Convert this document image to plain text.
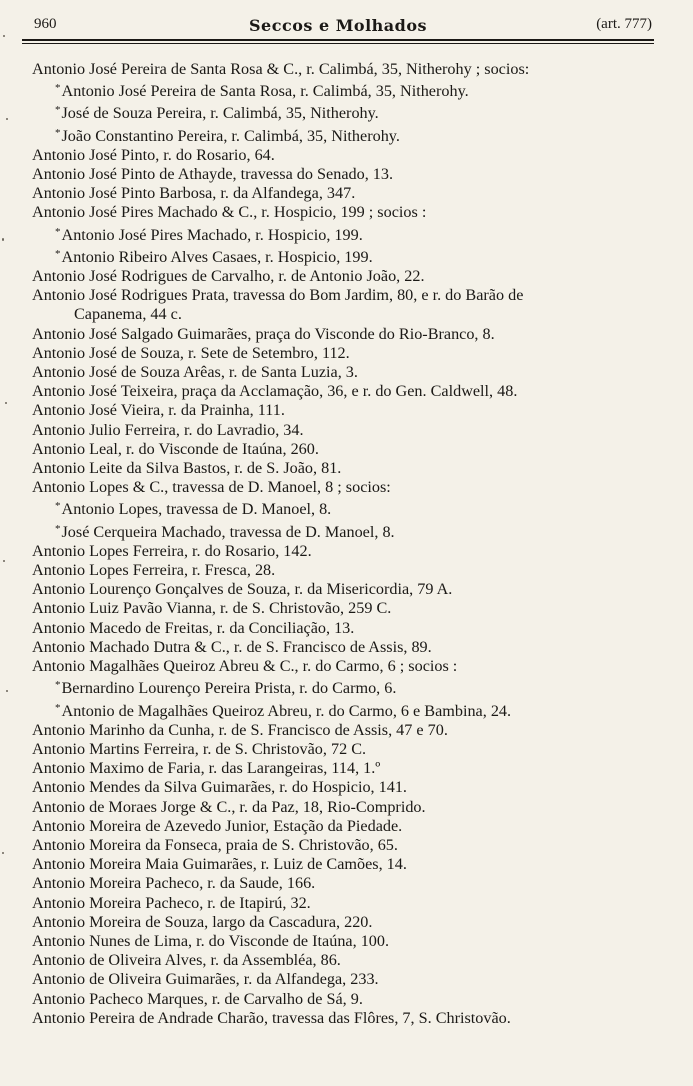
960	Seccos e Molhados	(art. 777)
Antonio José Pereira de Santa Rosa & C., r. Calimbá, 35, Nitherohy ; socios:
*Antonio José Pereira de Santa Rosa, r. Calimbá, 35, Nitherohy.
*José de Souza Pereira, r. Calimbá, 35, Nitherohy.
*João Constantino Pereira, r. Calimbá, 35, Nitherohy.
Antonio José Pinto, r. do Rosario, 64.
Antonio José Pinto de Athayde, travessa do Senado, 13.
Antonio José Pinto Barbosa, r. da Alfandega, 347.
Antonio José Pires Machado & C., r. Hospicio, 199 ; socios :
*Antonio José Pires Machado, r. Hospicio, 199.
*Antonio Ribeiro Alves Casaes, r. Hospicio, 199.
Antonio José Rodrigues de Carvalho, r. de Antonio João, 22.
Antonio José Rodrigues Prata, travessa do Bom Jardim, 80, e r. do Barão de
Capanema, 44 c.
Antonio José Salgado Guimarães, praça do Visconde do Rio-Branco, 8.
Antonio José de Souza, r. Sete de Setembro, 112.
Antonio José de Souza Arêas, r. de Santa Luzia, 3.
Antonio José Teixeira, praça da Acclamação, 36, e r. do Gen. Caldwell, 48.
Antonio José Vieira, r. da Prainha, 111.
Antonio Julio Ferreira, r. do Lavradio, 34.
Antonio Leal, r. do Visconde de Itaúna, 260.
Antonio Leite da Silva Bastos, r. de S. João, 81.
Antonio Lopes & C., travessa de D. Manoel, 8 ; socios:
*Antonio Lopes, travessa de D. Manoel, 8.
*José Cerqueira Machado, travessa de D. Manoel, 8.
Antonio Lopes Ferreira, r. do Rosario, 142.
Antonio Lopes Ferreira, r. Fresca, 28.
Antonio Lourenço Gonçalves de Souza, r. da Misericordia, 79 A.
Antonio Luiz Pavão Vianna, r. de S. Christovão, 259 C.
Antonio Macedo de Freitas, r. da Conciliação, 13.
Antonio Machado Dutra & C., r. de S. Francisco de Assis, 89.
Antonio Magalhães Queiroz Abreu & C., r. do Carmo, 6 ; socios :
*Bernardino Lourenço Pereira Prista, r. do Carmo, 6.
*Antonio de Magalhães Queiroz Abreu, r. do Carmo, 6 e Bambina, 24.
Antonio Marinho da Cunha, r. de S. Francisco de Assis, 47 e 70.
Antonio Martins Ferreira, r. de S. Christovão, 72 C.
Antonio Maximo de Faria, r. das Larangeiras, 114, 1.º
Antonio Mendes da Silva Guimarães, r. do Hospicio, 141.
Antonio de Moraes Jorge & C., r. da Paz, 18, Rio-Comprido.
Antonio Moreira de Azevedo Junior, Estação da Piedade.
Antonio Moreira da Fonseca, praia de S. Christovão, 65.
Antonio Moreira Maia Guimarães, r. Luiz de Camões, 14.
Antonio Moreira Pacheco, r. da Saude, 166.
Antonio Moreira Pacheco, r. de Itapirú, 32.
Antonio Moreira de Souza, largo da Cascadura, 220.
Antonio Nunes de Lima, r. do Visconde de Itaúna, 100.
Antonio de Oliveira Alves, r. da Assembléa, 86.
Antonio de Oliveira Guimarães, r. da Alfandega, 233.
Antonio Pacheco Marques, r. de Carvalho de Sá, 9.
Antonio Pereira de Andrade Charão, travessa das Flôres, 7, S. Christovão.
